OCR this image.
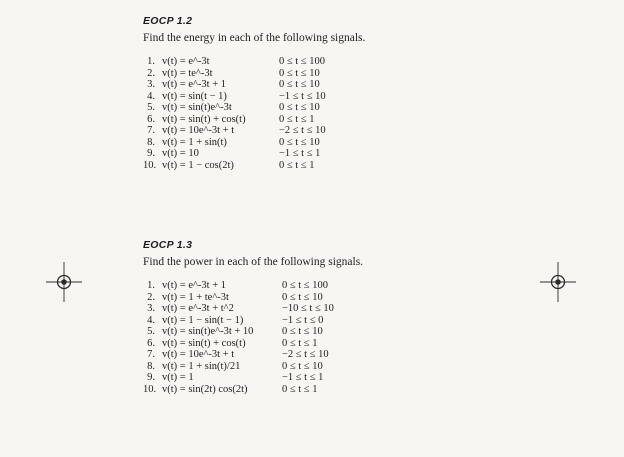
EOCP 1.2
Find the energy in each of the following signals.
1. v(t) = e^-3t	0 ≤ t ≤ 100
2. v(t) = te^-3t	0 ≤ t ≤ 10
3. v(t) = e^-3t + 1	0 ≤ t ≤ 10
4. v(t) = sin(t − 1)	−1 ≤ t ≤ 10
5. v(t) = sin(t)e^-3t	0 ≤ t ≤ 10
6. v(t) = sin(t) + cos(t)	0 ≤ t ≤ 1
7. v(t) = 10e^-3t + t	−2 ≤ t ≤ 10
8. v(t) = 1 + sin(t)	0 ≤ t ≤ 10
9. v(t) = 10	−1 ≤ t ≤ 1
10. v(t) = 1 − cos(2t)	0 ≤ t ≤ 1
EOCP 1.3
Find the power in each of the following signals.
1. v(t) = e^-3t + 1	0 ≤ t ≤ 100
2. v(t) = 1 + te^-3t	0 ≤ t ≤ 10
3. v(t) = e^-3t + t^2	−10 ≤ t ≤ 10
4. v(t) = 1 − sin(t − 1)	−1 ≤ t ≤ 0
5. v(t) = sin(t)e^-3t + 10	0 ≤ t ≤ 10
6. v(t) = sin(t) + cos(t)	0 ≤ t ≤ 1
7. v(t) = 10e^-3t + t	−2 ≤ t ≤ 10
8. v(t) = 1 + sin(t)/21	0 ≤ t ≤ 10
9. v(t) = 1	−1 ≤ t ≤ 1
10. v(t) = sin(2t) cos(2t)	0 ≤ t ≤ 1
